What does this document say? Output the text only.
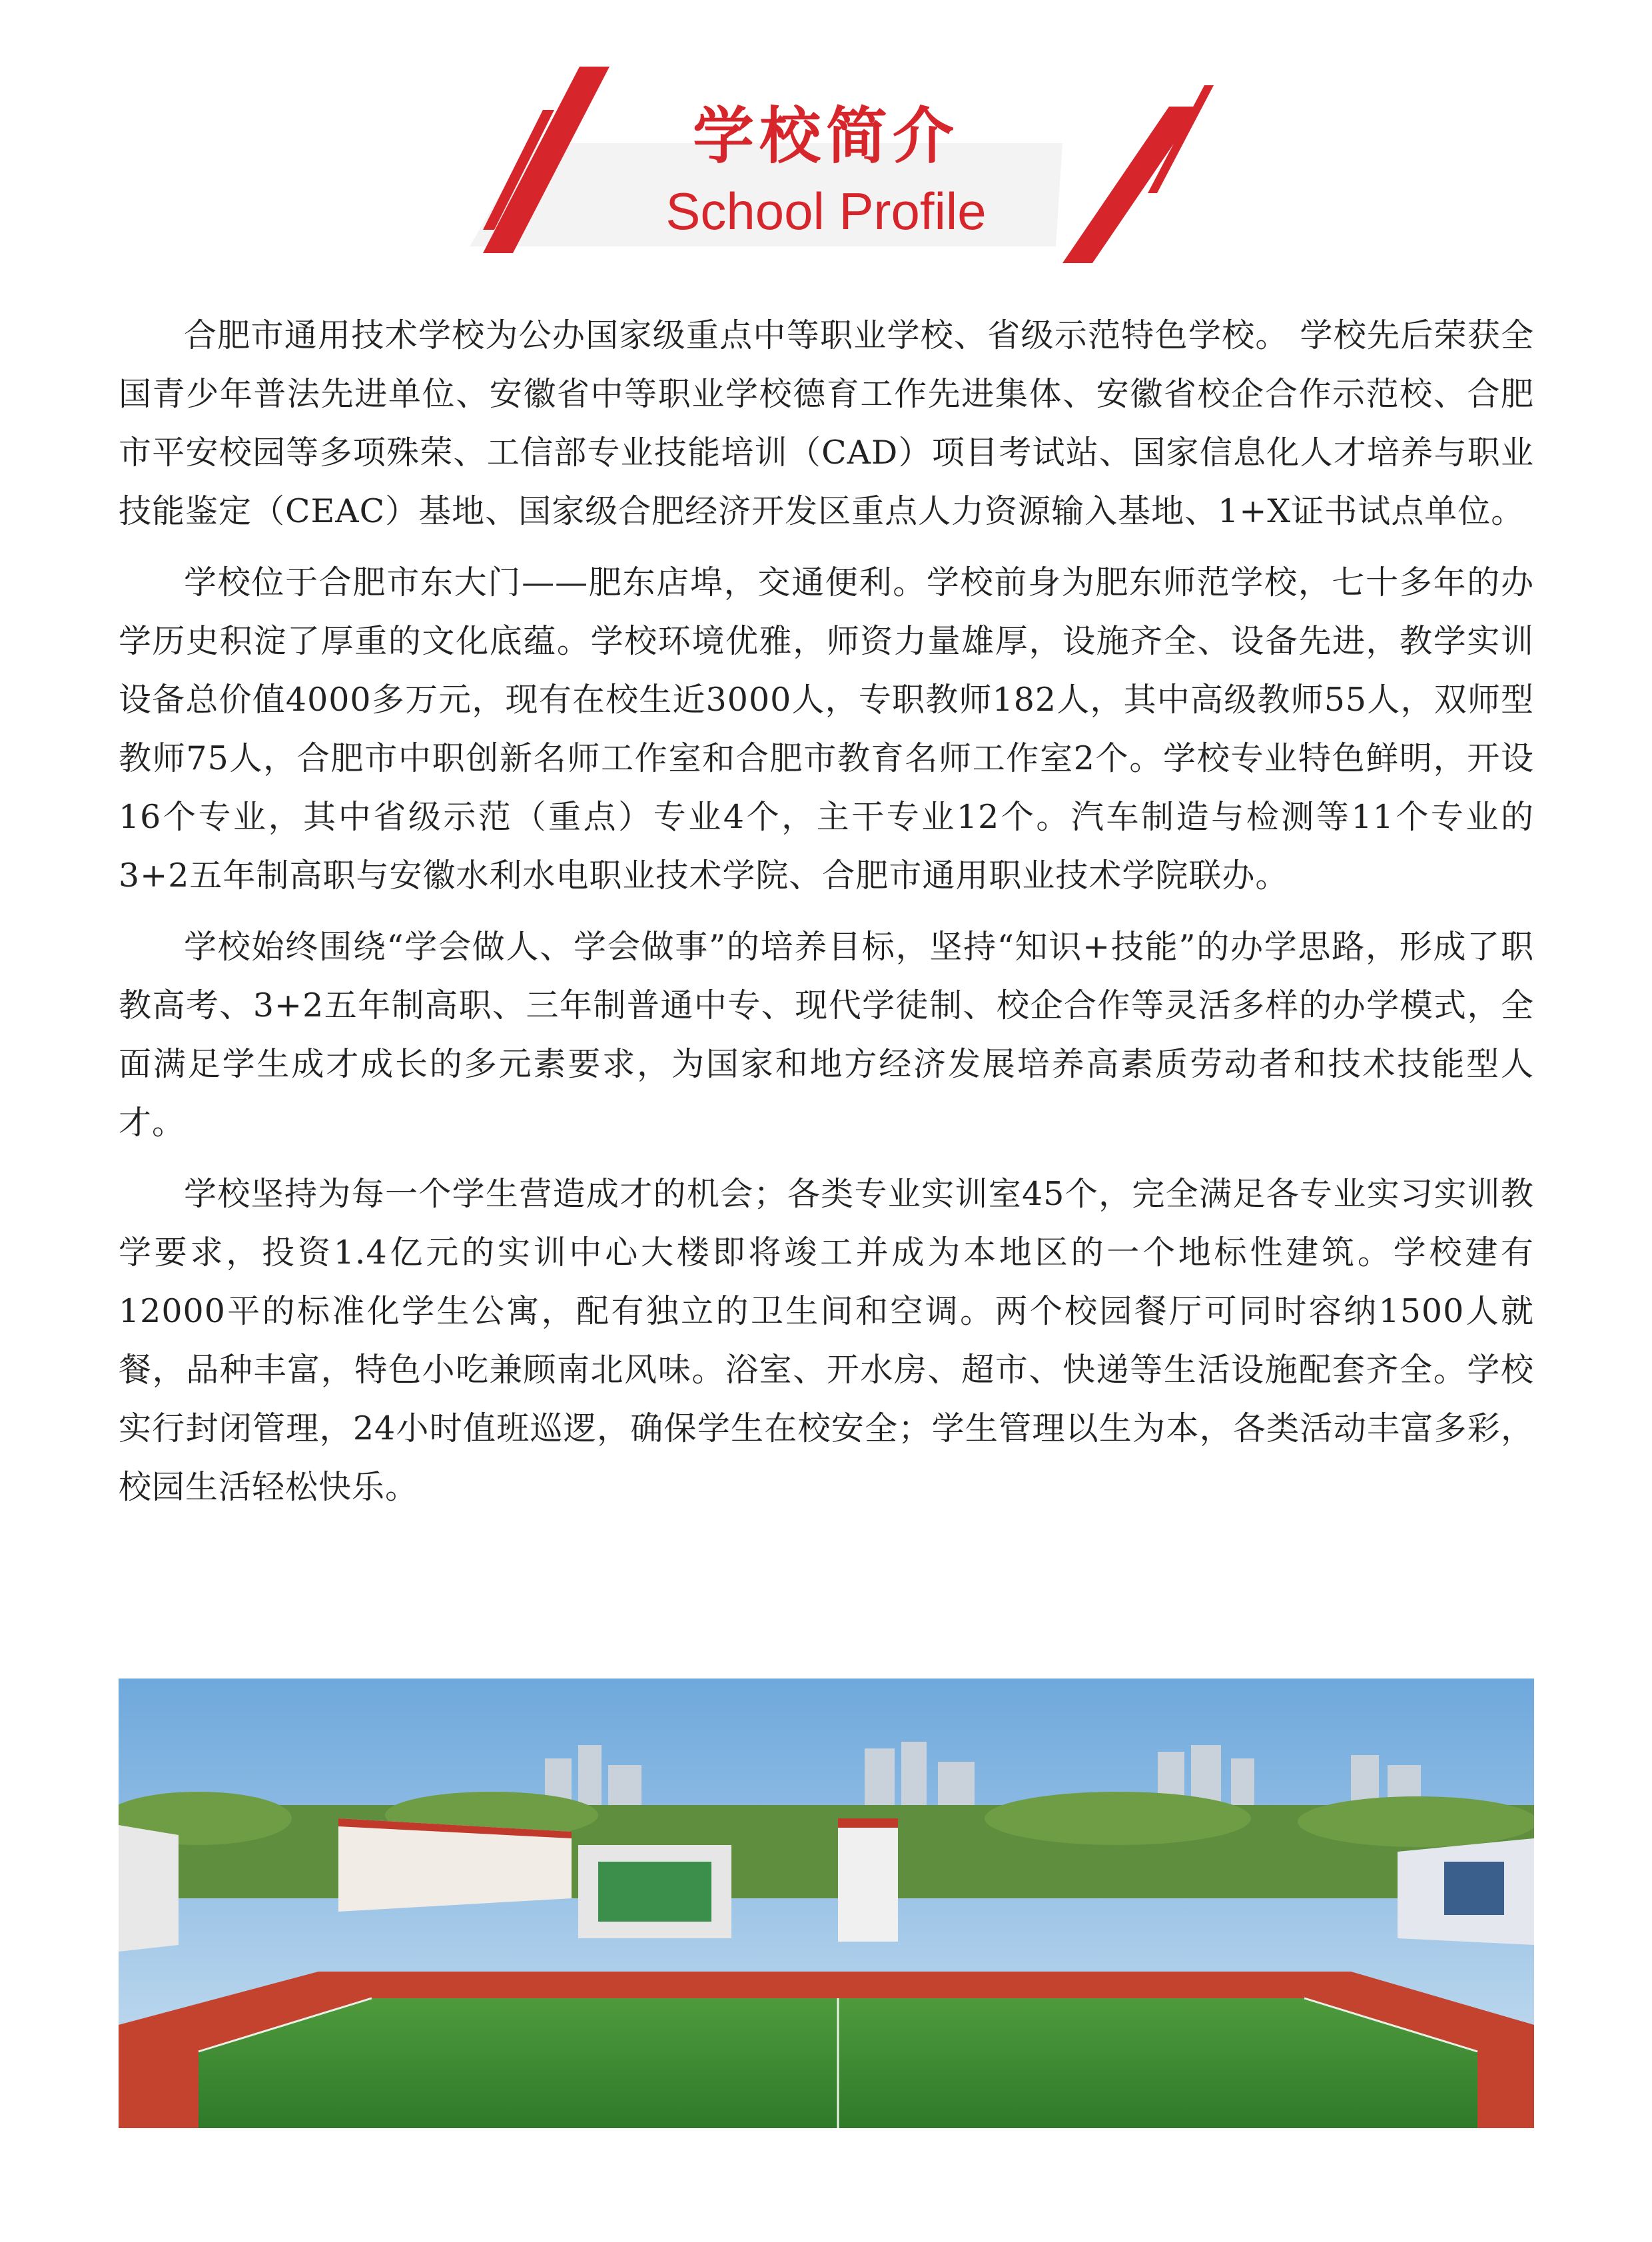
学校简介
School Profile

合肥市通用技术学校为公办国家级重点中等职业学校、省级示范特色学校。 学校先后荣获全国青少年普法先进单位、安徽省中等职业学校德育工作先进集体、安徽省校企合作示范校、合肥市平安校园等多项殊荣、工信部专业技能培训（CAD）项目考试站、国家信息化人才培养与职业技能鉴定（CEAC）基地、国家级合肥经济开发区重点人力资源输入基地、1+X证书试点单位。

学校位于合肥市东大门——肥东店埠，交通便利。学校前身为肥东师范学校，七十多年的办学历史积淀了厚重的文化底蕴。学校环境优雅，师资力量雄厚，设施齐全、设备先进，教学实训设备总价值4000多万元，现有在校生近3000人，专职教师182人，其中高级教师55人，双师型教师75人，合肥市中职创新名师工作室和合肥市教育名师工作室2个。学校专业特色鲜明，开设16个专业，其中省级示范（重点）专业4个，主干专业12个。汽车制造与检测等11个专业的3+2五年制高职与安徽水利水电职业技术学院、合肥市通用职业技术学院联办。

学校始终围绕“学会做人、学会做事”的培养目标，坚持“知识+技能”的办学思路，形成了职教高考、3+2五年制高职、三年制普通中专、现代学徒制、校企合作等灵活多样的办学模式，全面满足学生成才成长的多元素要求，为国家和地方经济发展培养高素质劳动者和技术技能型人才。

学校坚持为每一个学生营造成才的机会；各类专业实训室45个，完全满足各专业实习实训教学要求，投资1.4亿元的实训中心大楼即将竣工并成为本地区的一个地标性建筑。学校建有12000平的标准化学生公寓，配有独立的卫生间和空调。两个校园餐厅可同时容纳1500人就餐，品种丰富，特色小吃兼顾南北风味。浴室、开水房、超市、快递等生活设施配套齐全。学校实行封闭管理，24小时值班巡逻，确保学生在校安全；学生管理以生为本，各类活动丰富多彩，校园生活轻松快乐。
